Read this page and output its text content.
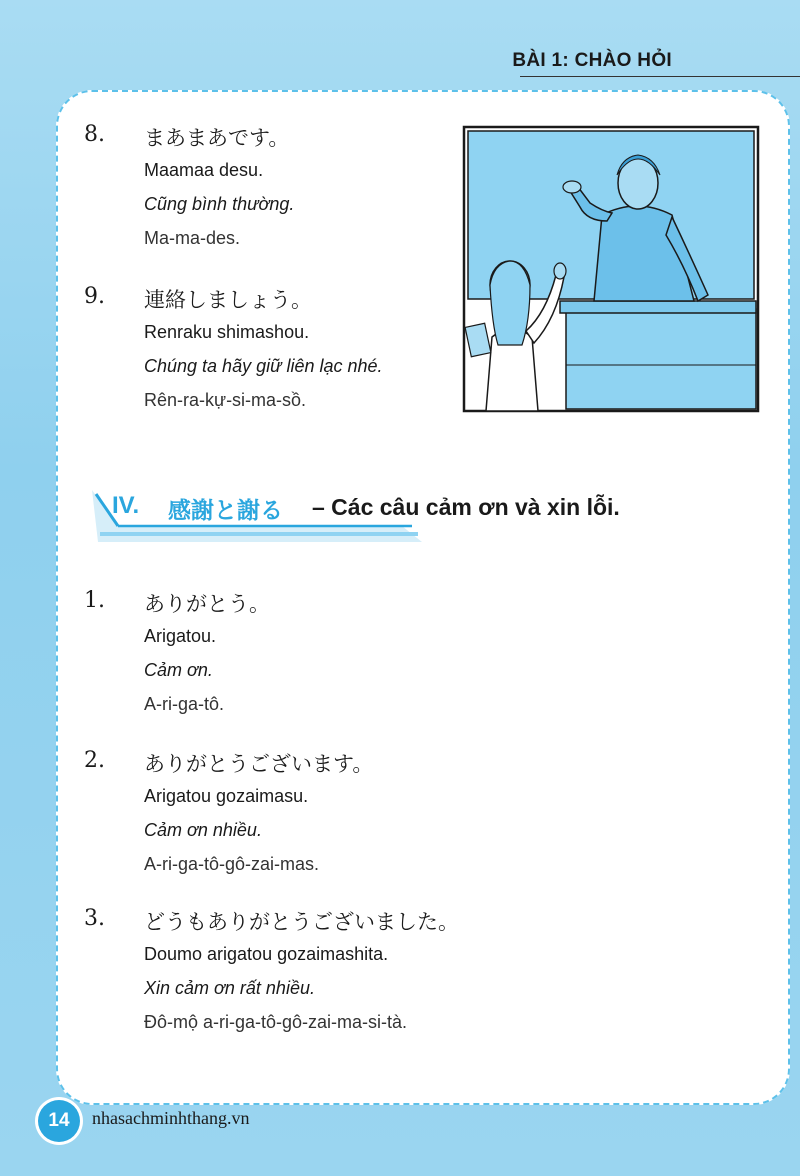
BÀI 1: CHÀO HỎI
8. まあまあです。
Maamaa desu.
Cũng bình thường.
Ma-ma-des.
9. 連絡しましょう。
Renraku shimashou.
Chúng ta hãy giữ liên lạc nhé.
Rên-ra-kự-si-ma-sồ.
IV. 感謝と謝る – Các câu cảm ơn và xin lỗi.
1. ありがとう。
Arigatou.
Cảm ơn.
A-ri-ga-tô.
2. ありがとうございます。
Arigatou gozaimasu.
Cảm ơn nhiều.
A-ri-ga-tô-gô-zai-mas.
3. どうもありがとうございました。
Doumo arigatou gozaimashita.
Xin cảm ơn rất nhiều.
Đô-mộ a-ri-ga-tô-gô-zai-ma-si-tà.
14	nhasachminhthang.vn
